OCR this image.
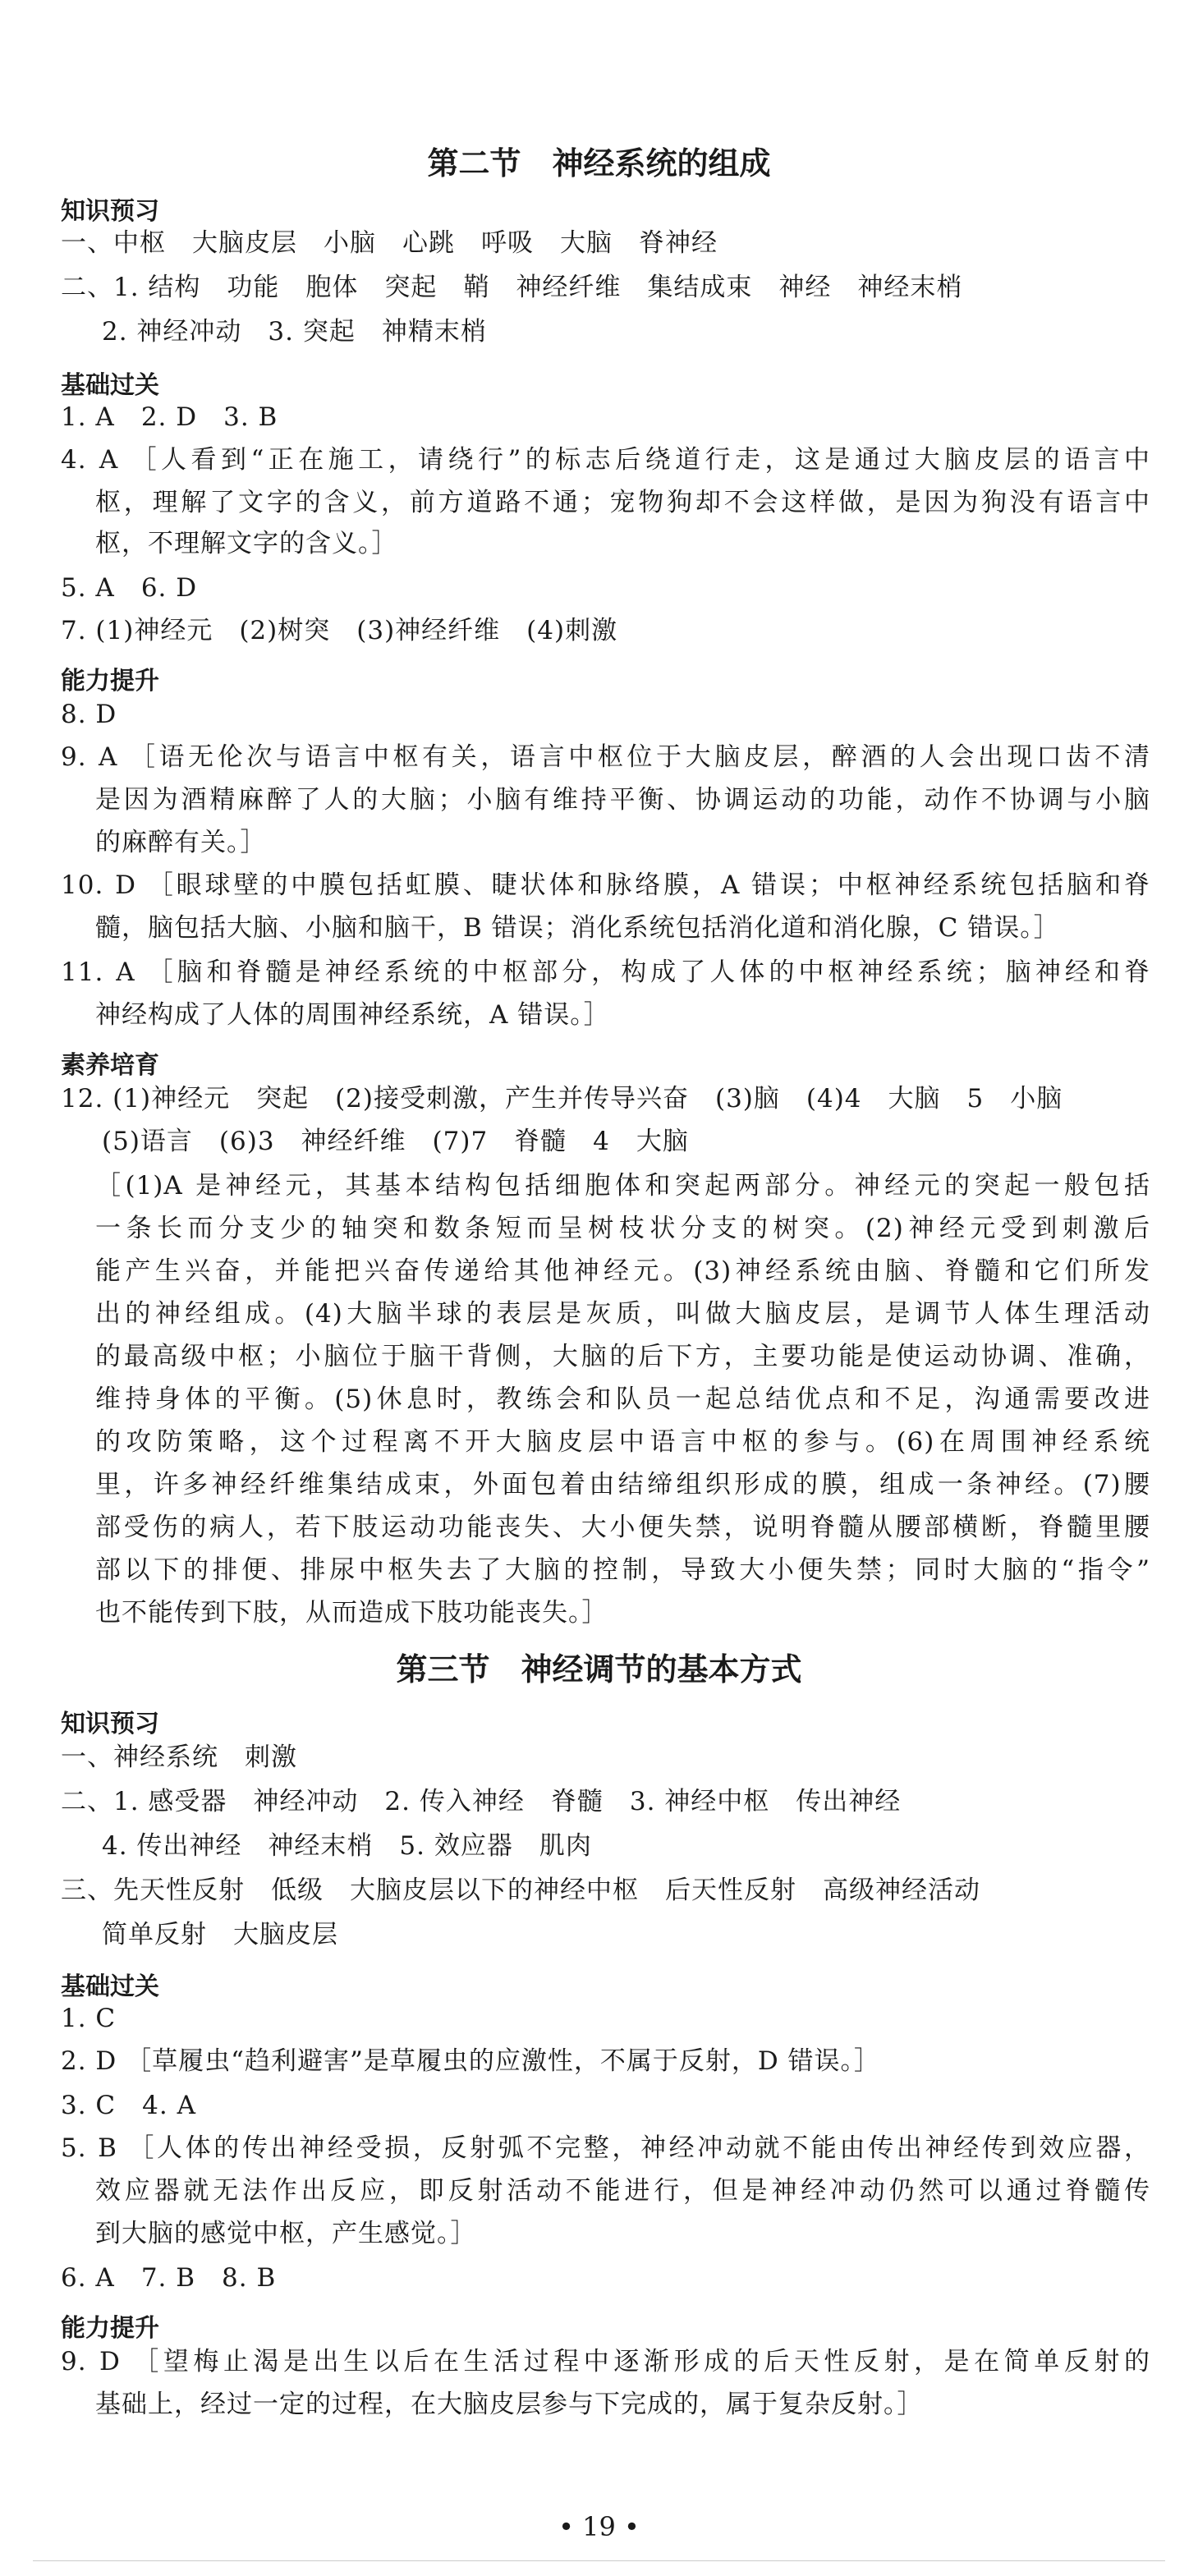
第二节　神经系统的组成
知识预习
一、中枢　大脑皮层　小脑　心跳　呼吸　大脑　脊神经
二、1. 结构　功能　胞体　突起　鞘　神经纤维　集结成束　神经　神经末梢
2. 神经冲动　3. 突起　神精末梢
基础过关
1. A　2. D　3. B
4. A ［人看到“正在施工，请绕行”的标志后绕道行走，这是通过大脑皮层的语言中
枢，理解了文字的含义，前方道路不通；宠物狗却不会这样做，是因为狗没有语言中
枢，不理解文字的含义。］
5. A　6. D
7. (1)神经元　(2)树突　(3)神经纤维　(4)刺激
能力提升
8. D
9. A ［语无伦次与语言中枢有关，语言中枢位于大脑皮层，醉酒的人会出现口齿不清
是因为酒精麻醉了人的大脑；小脑有维持平衡、协调运动的功能，动作不协调与小脑
的麻醉有关。］
10. D ［眼球壁的中膜包括虹膜、睫状体和脉络膜，A 错误；中枢神经系统包括脑和脊
髓，脑包括大脑、小脑和脑干，B 错误；消化系统包括消化道和消化腺，C 错误。］
11. A ［脑和脊髓是神经系统的中枢部分，构成了人体的中枢神经系统；脑神经和脊
神经构成了人体的周围神经系统，A 错误。］
素养培育
12. (1)神经元　突起　(2)接受刺激，产生并传导兴奋　(3)脑　(4)4　大脑　5　小脑
(5)语言　(6)3　神经纤维　(7)7　脊髓　4　大脑
［(1)A 是神经元，其基本结构包括细胞体和突起两部分。神经元的突起一般包括
一条长而分支少的轴突和数条短而呈树枝状分支的树突。(2)神经元受到刺激后
能产生兴奋，并能把兴奋传递给其他神经元。(3)神经系统由脑、脊髓和它们所发
出的神经组成。(4)大脑半球的表层是灰质，叫做大脑皮层，是调节人体生理活动
的最高级中枢；小脑位于脑干背侧，大脑的后下方，主要功能是使运动协调、准确，
维持身体的平衡。(5)休息时，教练会和队员一起总结优点和不足，沟通需要改进
的攻防策略，这个过程离不开大脑皮层中语言中枢的参与。(6)在周围神经系统
里，许多神经纤维集结成束，外面包着由结缔组织形成的膜，组成一条神经。(7)腰
部受伤的病人，若下肢运动功能丧失、大小便失禁，说明脊髓从腰部横断，脊髓里腰
部以下的排便、排尿中枢失去了大脑的控制，导致大小便失禁；同时大脑的“指令”
也不能传到下肢，从而造成下肢功能丧失。］
第三节　神经调节的基本方式
知识预习
一、神经系统　刺激
二、1. 感受器　神经冲动　2. 传入神经　脊髓　3. 神经中枢　传出神经
4. 传出神经　神经末梢　5. 效应器　肌肉
三、先天性反射　低级　大脑皮层以下的神经中枢　后天性反射　高级神经活动
简单反射　大脑皮层
基础过关
1. C
2. D ［草履虫“趋利避害”是草履虫的应激性，不属于反射，D 错误。］
3. C　4. A
5. B ［人体的传出神经受损，反射弧不完整，神经冲动就不能由传出神经传到效应器，
效应器就无法作出反应，即反射活动不能进行，但是神经冲动仍然可以通过脊髓传
到大脑的感觉中枢，产生感觉。］
6. A　7. B　8. B
能力提升
9. D ［望梅止渴是出生以后在生活过程中逐渐形成的后天性反射，是在简单反射的
基础上，经过一定的过程，在大脑皮层参与下完成的，属于复杂反射。］
• 19 •
